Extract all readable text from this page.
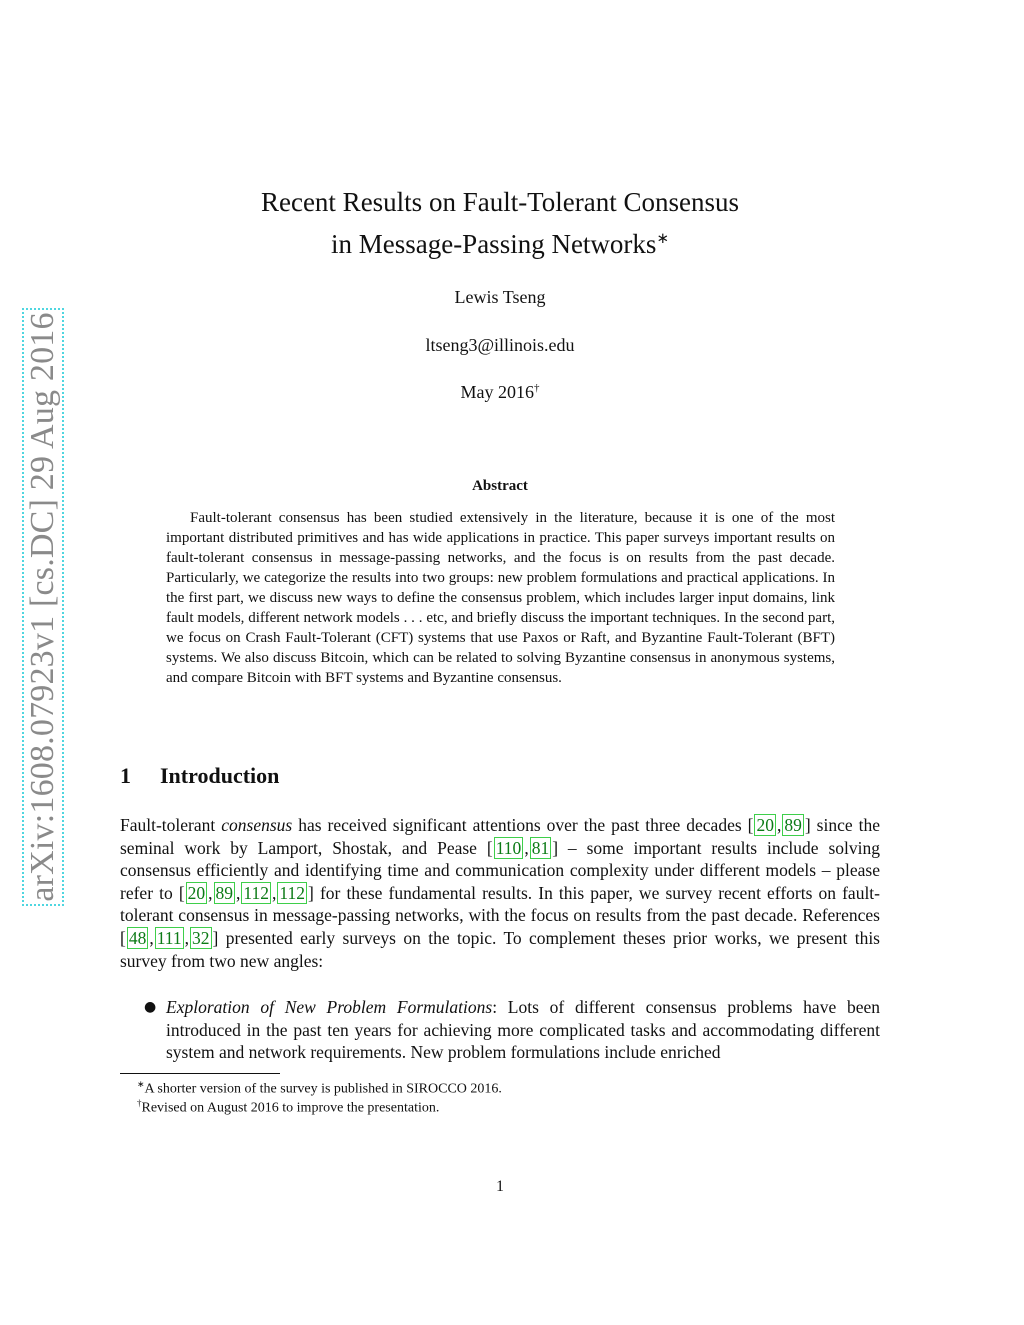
arXiv:1608.07923v1 [cs.DC] 29 Aug 2016
Recent Results on Fault-Tolerant Consensus
in Message-Passing Networks∗
Lewis Tseng
ltseng3@illinois.edu
May 2016†
Abstract

Fault-tolerant consensus has been studied extensively in the literature, because it is one of the most important distributed primitives and has wide applications in practice. This paper surveys important results on fault-tolerant consensus in message-passing networks, and the focus is on results from the past decade. Particularly, we categorize the results into two groups: new problem formulations and practical applications. In the first part, we discuss new ways to define the consensus problem, which includes larger input domains, link fault models, different network models . . . etc, and briefly discuss the important techniques. In the second part, we focus on Crash Fault-Tolerant (CFT) systems that use Paxos or Raft, and Byzantine Fault-Tolerant (BFT) systems. We also discuss Bitcoin, which can be related to solving Byzantine consensus in anonymous systems, and compare Bitcoin with BFT systems and Byzantine consensus.

1 Introduction

Fault-tolerant consensus has received significant attentions over the past three decades [ 20 , 89 ] since the seminal work by Lamport, Shostak, and Pease [ 110 , 81 ] – some important results include solving consensus efficiently and identifying time and communication complexity under different models – please refer to [ 20 , 89 , 112 , 112 ] for these fundamental results. In this paper, we survey recent efforts on fault-tolerant consensus in message-passing networks, with the focus on results from the past decade. References [ 48 , 111 , 32 ] presented early surveys on the topic. To complement theses prior works, we present this survey from two new angles:

● Exploration of New Problem Formulations: Lots of different consensus problems have been introduced in the past ten years for achieving more complicated tasks and accommodating different system and network requirements. New problem formulations include enriched

∗A shorter version of the survey is published in SIROCCO 2016.
†Revised on August 2016 to improve the presentation.
1
